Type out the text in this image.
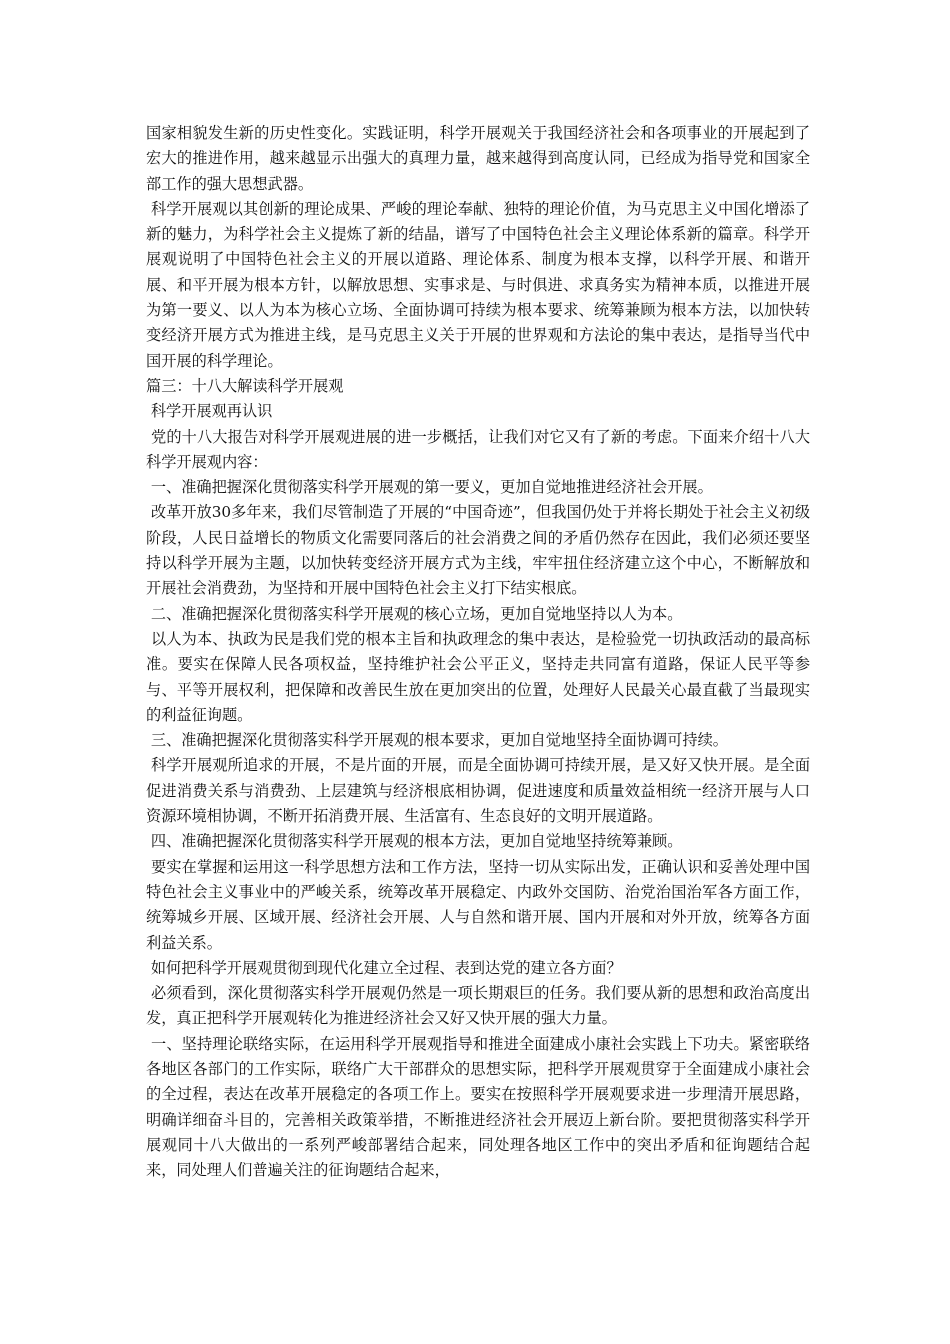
国家相貌发生新的历史性变化。实践证明，科学开展观关于我国经济社会和各项事业的开展起到了宏大的推进作用，越来越显示出强大的真理力量，越来越得到高度认同，已经成为指导党和国家全部工作的强大思想武器。

科学开展观以其创新的理论成果、严峻的理论奉献、独特的理论价值，为马克思主义中国化增添了新的魅力，为科学社会主义提炼了新的结晶，谱写了中国特色社会主义理论体系新的篇章。科学开展观说明了中国特色社会主义的开展以道路、理论体系、制度为根本支撑，以科学开展、和谐开展、和平开展为根本方针，以解放思想、实事求是、与时俱进、求真务实为精神本质，以推进开展为第一要义、以人为本为核心立场、全面协调可持续为根本要求、统筹兼顾为根本方法，以加快转变经济开展方式为推进主线，是马克思主义关于开展的世界观和方法论的集中表达，是指导当代中国开展的科学理论。

篇三：十八大解读科学开展观

科学开展观再认识

党的十八大报告对科学开展观进展的进一步概括，让我们对它又有了新的考虑。下面来介绍十八大科学开展观内容：

一、准确把握深化贯彻落实科学开展观的第一要义，更加自觉地推进经济社会开展。

改革开放30多年来，我们尽管制造了开展的“中国奇迹”，但我国仍处于并将长期处于社会主义初级阶段，人民日益增长的物质文化需要同落后的社会消费之间的矛盾仍然存在因此，我们必须还要坚持以科学开展为主题，以加快转变经济开展方式为主线，牢牢扭住经济建立这个中心，不断解放和开展社会消费劲，为坚持和开展中国特色社会主义打下结实根底。

二、准确把握深化贯彻落实科学开展观的核心立场，更加自觉地坚持以人为本。

以人为本、执政为民是我们党的根本主旨和执政理念的集中表达，是检验党一切执政活动的最高标准。要实在保障人民各项权益，坚持维护社会公平正义，坚持走共同富有道路，保证人民平等参与、平等开展权利，把保障和改善民生放在更加突出的位置，处理好人民最关心最直截了当最现实的利益征询题。

三、准确把握深化贯彻落实科学开展观的根本要求，更加自觉地坚持全面协调可持续。

科学开展观所追求的开展，不是片面的开展，而是全面协调可持续开展，是又好又快开展。是全面促进消费关系与消费劲、上层建筑与经济根底相协调，促进速度和质量效益相统一经济开展与人口资源环境相协调，不断开拓消费开展、生活富有、生态良好的文明开展道路。

四、准确把握深化贯彻落实科学开展观的根本方法，更加自觉地坚持统筹兼顾。

要实在掌握和运用这一科学思想方法和工作方法，坚持一切从实际出发，正确认识和妥善处理中国特色社会主义事业中的严峻关系，统筹改革开展稳定、内政外交国防、治党治国治军各方面工作，统筹城乡开展、区域开展、经济社会开展、人与自然和谐开展、国内开展和对外开放，统筹各方面利益关系。

如何把科学开展观贯彻到现代化建立全过程、表到达党的建立各方面？

必须看到，深化贯彻落实科学开展观仍然是一项长期艰巨的任务。我们要从新的思想和政治高度出发，真正把科学开展观转化为推进经济社会又好又快开展的强大力量。

一、坚持理论联络实际，在运用科学开展观指导和推进全面建成小康社会实践上下功夫。紧密联络各地区各部门的工作实际，联络广大干部群众的思想实际，把科学开展观贯穿于全面建成小康社会的全过程，表达在改革开展稳定的各项工作上。要实在按照科学开展观要求进一步理清开展思路，明确详细奋斗目的，完善相关政策举措，不断推进经济社会开展迈上新台阶。要把贯彻落实科学开展观同十八大做出的一系列严峻部署结合起来，同处理各地区工作中的突出矛盾和征询题结合起来，同处理人们普遍关注的征询题结合起来，
